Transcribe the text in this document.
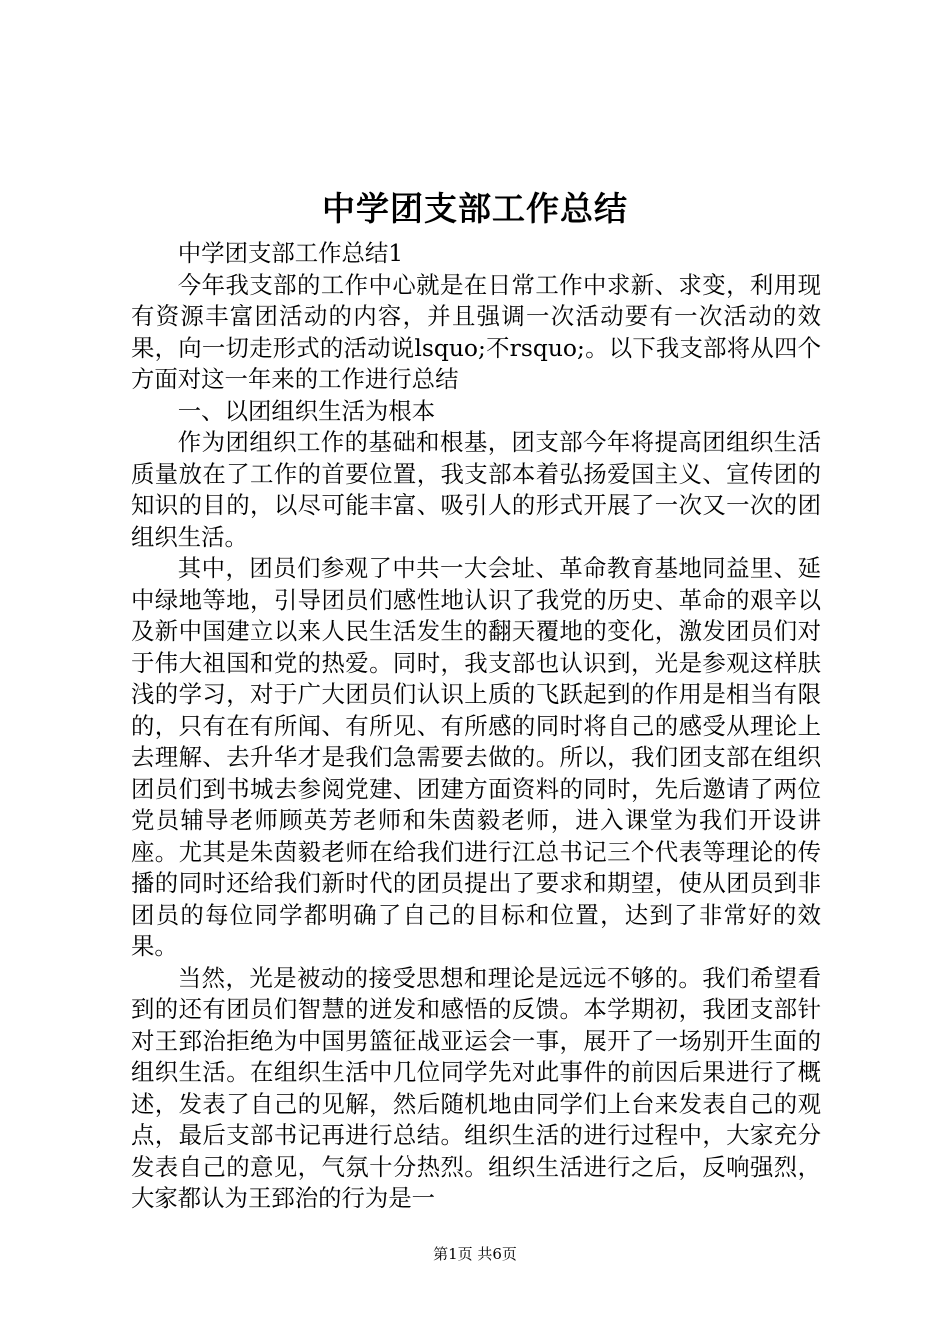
中学团支部工作总结

中学团支部工作总结1

今年我支部的工作中心就是在日常工作中求新、求变，利用现有资源丰富团活动的内容，并且强调一次活动要有一次活动的效果，向一切走形式的活动说lsquo;不rsquo;。以下我支部将从四个方面对这一年来的工作进行总结

一、以团组织生活为根本

作为团组织工作的基础和根基，团支部今年将提高团组织生活质量放在了工作的首要位置，我支部本着弘扬爱国主义、宣传团的知识的目的，以尽可能丰富、吸引人的形式开展了一次又一次的团组织生活。

其中，团员们参观了中共一大会址、革命教育基地同益里、延中绿地等地，引导团员们感性地认识了我党的历史、革命的艰辛以及新中国建立以来人民生活发生的翻天覆地的变化，激发团员们对于伟大祖国和党的热爱。同时，我支部也认识到，光是参观这样肤浅的学习，对于广大团员们认识上质的飞跃起到的作用是相当有限的，只有在有所闻、有所见、有所感的同时将自己的感受从理论上去理解、去升华才是我们急需要去做的。所以，我们团支部在组织团员们到书城去参阅党建、团建方面资料的同时，先后邀请了两位党员辅导老师顾英芳老师和朱茵毅老师，进入课堂为我们开设讲座。尤其是朱茵毅老师在给我们进行江总书记三个代表等理论的传播的同时还给我们新时代的团员提出了要求和期望，使从团员到非团员的每位同学都明确了自己的目标和位置，达到了非常好的效果。

当然，光是被动的接受思想和理论是远远不够的。我们希望看到的还有团员们智慧的迸发和感悟的反馈。本学期初，我团支部针对王郅治拒绝为中国男篮征战亚运会一事，展开了一场别开生面的组织生活。在组织生活中几位同学先对此事件的前因后果进行了概述，发表了自己的见解，然后随机地由同学们上台来发表自己的观点，最后支部书记再进行总结。组织生活的进行过程中，大家充分发表自己的意见，气氛十分热烈。组织生活进行之后，反响强烈，大家都认为王郅治的行为是一

第1页 共6页
